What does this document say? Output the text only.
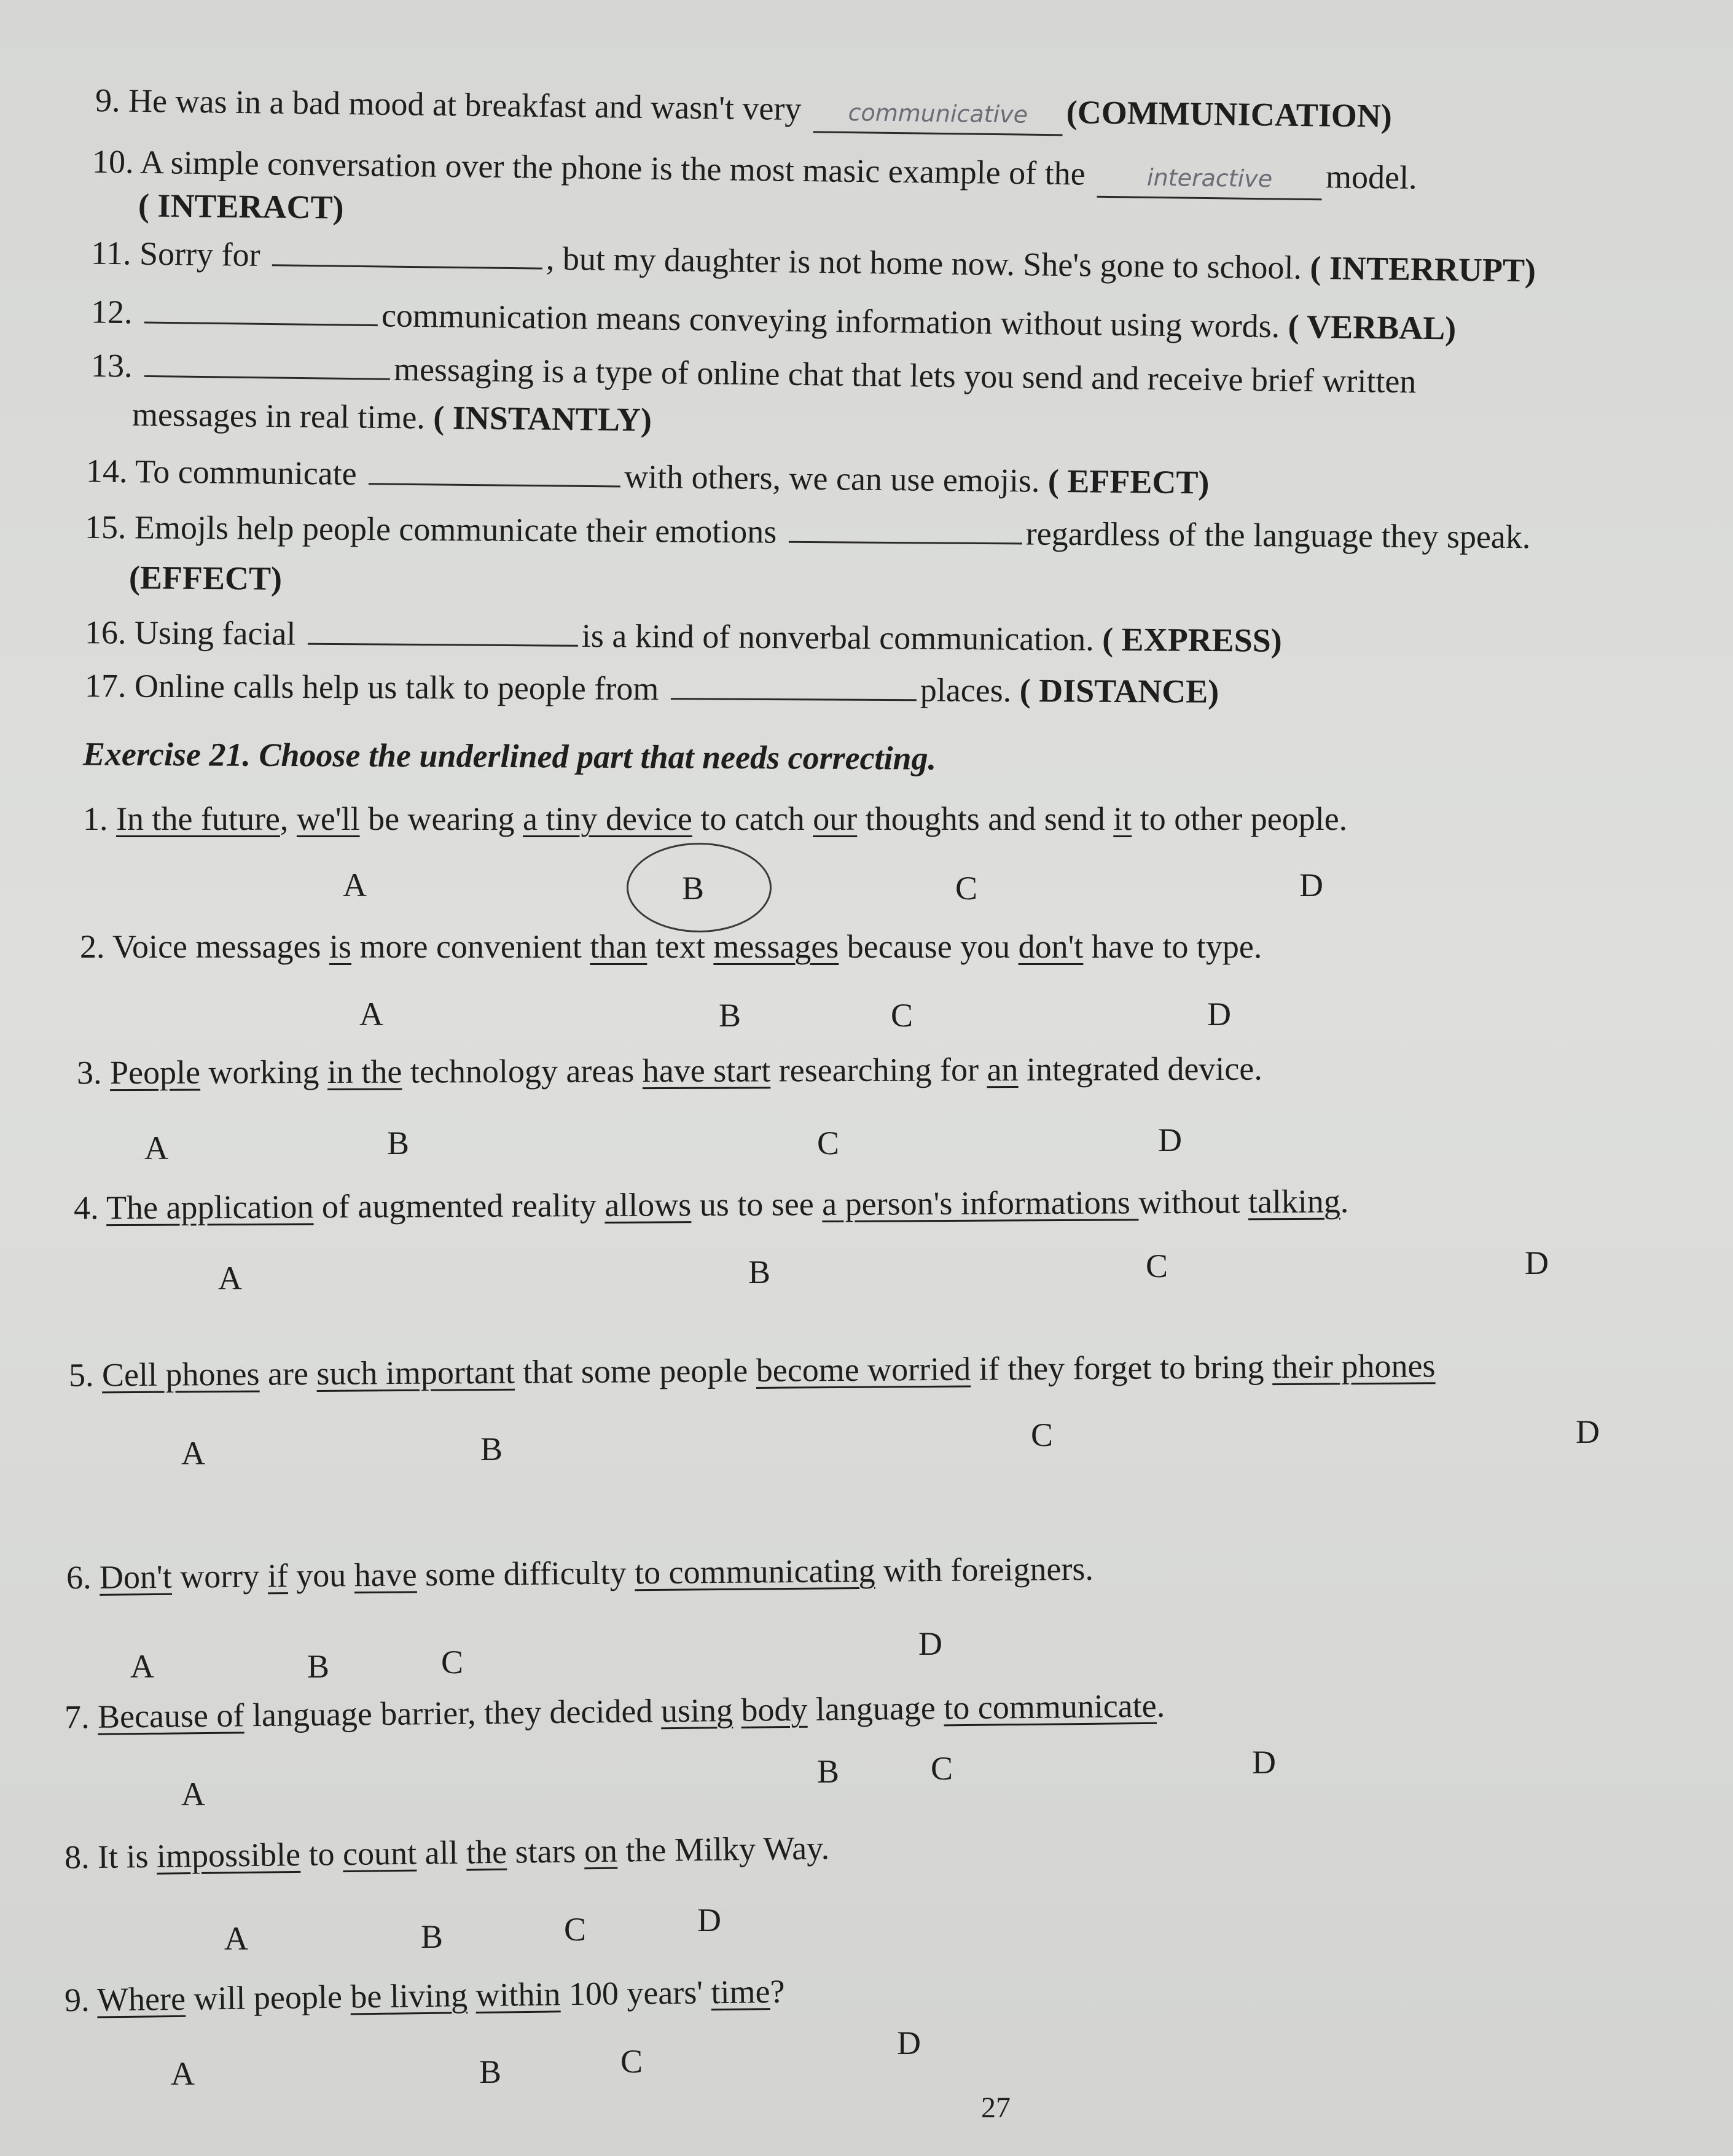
9. He was in a bad mood at breakfast and wasn't very communicative (COMMUNICATION)
10. A simple conversation over the phone is the most masic example of the	interactive model.
( INTERACT)
11. Sorry for	, but my daughter is not home now. She's gone to school. ( INTERRUPT)
12.	communication means conveying information without using words. ( VERBAL)
13.	messaging is a type of online chat that lets you send and receive brief written
messages in real time. ( INSTANTLY)
14. To communicate	with others, we can use emojis. ( EFFECT)
15. Emojls help people communicate their emotions	regardless of the language they speak.
(EFFECT)
16. Using facial	is a kind of nonverbal communication. ( EXPRESS)
17. Online calls help us talk to people from	places. ( DISTANCE)
Exercise 21. Choose the underlined part that needs correcting.
1. In the future, we'll be wearing a tiny device to catch our thoughts and send it to other people.
A	B	C	D
2. Voice messages is more convenient than text messages because you don't have to type.
A	B	C	D
3. People working in the technology areas have start researching for an integrated device.
A	B	C	D
4. The application of augmented reality allows us to see a person's informations without talking.
A	B	C	D
5. Cell phones are such important that some people become worried if they forget to bring their phones
A	B	C	D
6. Don't worry if you have some difficulty to communicating with foreigners.
A	B	C	D
7. Because of language barrier, they decided using body language to communicate.
A
B	C	D
8. It is impossible to count all the stars on the Milky Way.
A	B	C	D
9. Where will people be living within 100 years' time?
A	B	C	D
27
